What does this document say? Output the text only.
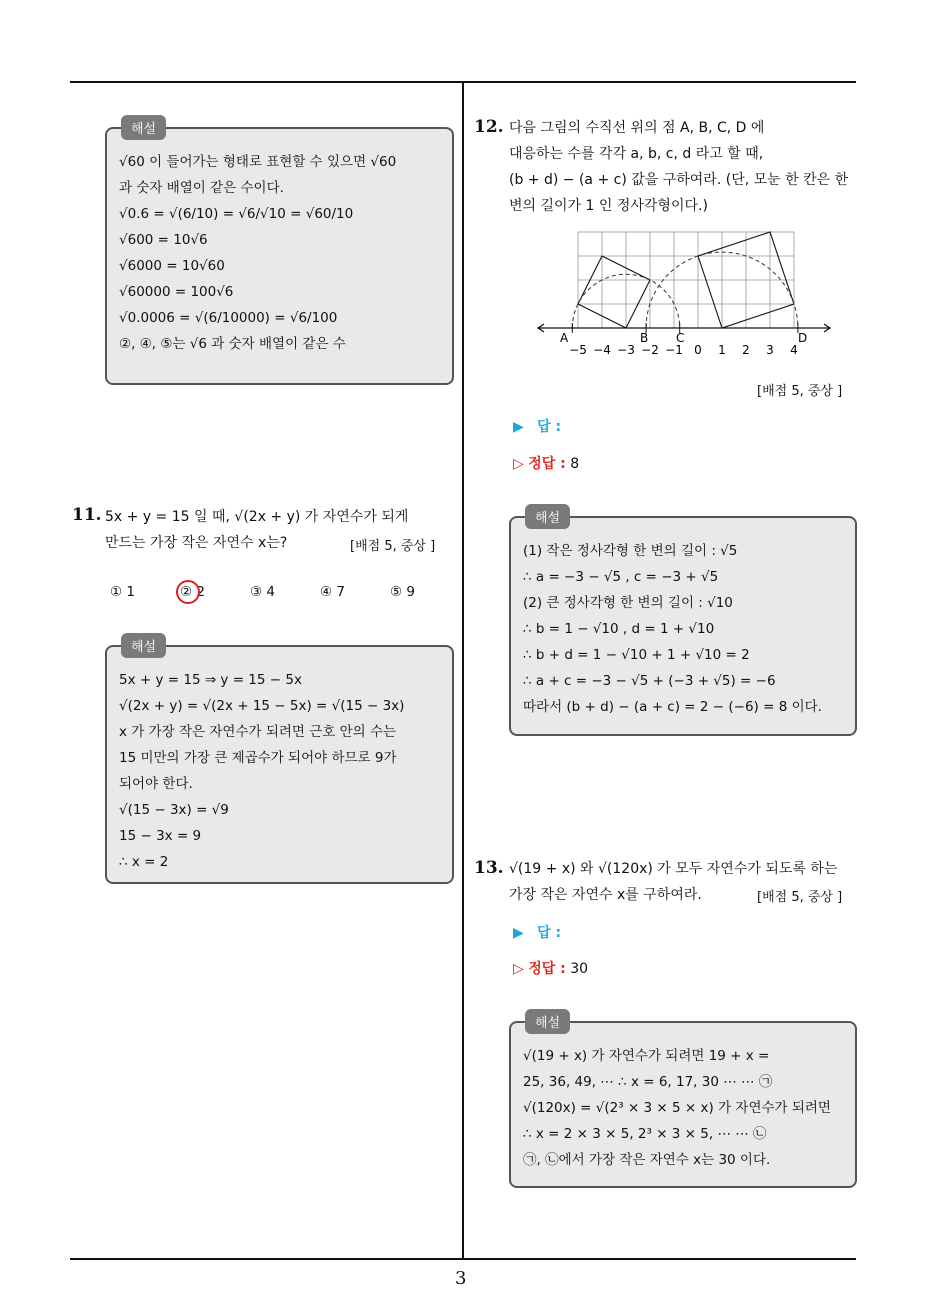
3
해설
√60 이 들어가는 형태로 표현할 수 있으면 √60
과 숫자 배열이 같은 수이다.
√0.6 = √(6/10) = √6/√10 = √60/10
√600 = 10√6
√6000 = 10√60
√60000 = 100√6
√0.0006 = √(6/10000) = √6/100
②, ④, ⑤는 √6 과 숫자 배열이 같은 수
11. 5x + y = 15 일 때, √(2x + y) 가 자연수가 되게
만드는 가장 작은 자연수 x는?	[배점 5, 중상 ]
① 1	② 2	③ 4	④ 7	⑤ 9
해설
5x + y = 15 ⇒ y = 15 − 5x
√(2x + y) = √(2x + 15 − 5x) = √(15 − 3x)
x 가 가장 작은 자연수가 되려면 근호 안의 수는
15 미만의 가장 큰 제곱수가 되어야 하므로 9가
되어야 한다.
√(15 − 3x) = √9
15 − 3x = 9
∴ x = 2
12. 다음 그림의 수직선 위의 점 A, B, C, D 에
대응하는 수를 각각 a, b, c, d 라고 할 때,
(b + d) − (a + c) 값을 구하여라. (단, 모눈 한 칸은 한
변의 길이가 1 인 정사각형이다.)
A	B C	D
−5 −4 −3 −2 −1 0 1 2 3 4
[배점 5, 중상 ]
▶ 답 :
▷ 정답 : 8
해설
(1) 작은 정사각형 한 변의 길이 : √5
∴ a = −3 − √5 , c = −3 + √5
(2) 큰 정사각형 한 변의 길이 : √10
∴ b = 1 − √10 , d = 1 + √10
∴ b + d = 1 − √10 + 1 + √10 = 2
∴ a + c = −3 − √5 + (−3 + √5) = −6
따라서 (b + d) − (a + c) = 2 − (−6) = 8 이다.
13. √(19 + x) 와 √(120x) 가 모두 자연수가 되도록 하는
가장 작은 자연수 x를 구하여라.	[배점 5, 중상 ]
▶ 답 :
▷ 정답 : 30
해설
√(19 + x) 가 자연수가 되려면 19 + x =
25, 36, 49, ⋯ ∴ x = 6, 17, 30 ⋯ ⋯ ㉠
√(120x) = √(2³ × 3 × 5 × x) 가 자연수가 되려면
∴ x = 2 × 3 × 5, 2³ × 3 × 5, ⋯ ⋯ ㉡
㉠, ㉡에서 가장 작은 자연수 x는 30 이다.
